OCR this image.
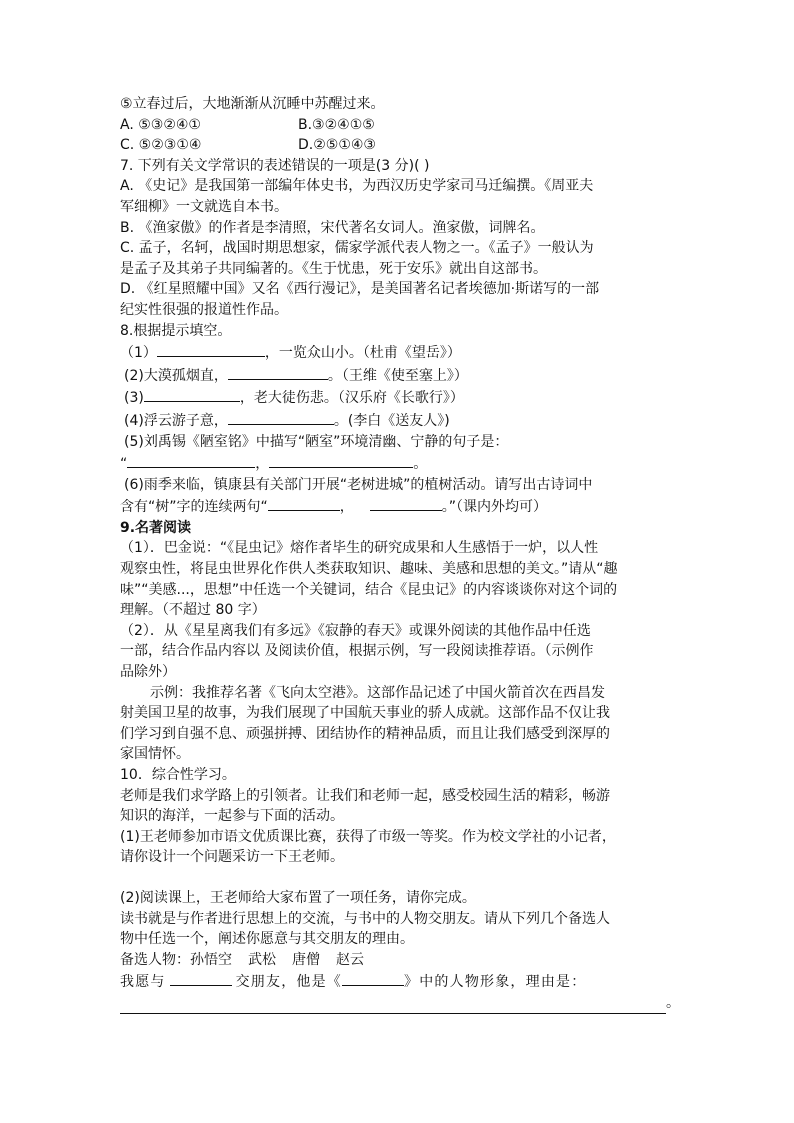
⑤立春过后，大地渐渐从沉睡中苏醒过来。
A. ⑤③②④①	B.③②④①⑤
C. ⑤②③①④	D.②⑤①④③
7. 下列有关文学常识的表述错误的一项是(3 分)( )
A. 《史记》是我国第一部编年体史书，为西汉历史学家司马迁编撰。《周亚夫
军细柳》一文就选自本书。
B. 《渔家傲》的作者是李清照，宋代著名女词人。渔家傲，词牌名。
C. 孟子，名轲，战国时期思想家，儒家学派代表人物之一。《孟子》一般认为
是孟子及其弟子共同编著的。《生于忧患，死于安乐》就出自这部书。
D. 《红星照耀中国》又名《西行漫记》，是美国著名记者埃德加·斯诺写的一部
纪实性很强的报道性作品。
8.根据提示填空。
（1）	，一览众山小。（杜甫《望岳》）
(2)大漠孤烟直，	。（王维《使至塞上》）
(3)	，老大徒伤悲。（汉乐府《长歌行》）
(4)浮云游子意，	。(李白《送友人》)
(5)刘禹锡《陋室铭》中描写“陋室”环境清幽、宁静的句子是：
“	，	。
(6)雨季来临，镇康县有关部门开展“老树进城”的植树活动。请写出古诗词中
含有“树”字的连续两句“	，	。”（课内外均可）
9.名著阅读
（1）．巴金说：“《昆虫记》熔作者毕生的研究成果和人生感悟于一炉，以人性
观察虫性，将昆虫世界化作供人类获取知识、趣味、美感和思想的美文。”请从“趣
味”“美感...，思想”中任选一个关键词，结合《昆虫记》的内容谈谈你对这个词的
理解。（不超过 80 字）
（2）．从《星星离我们有多远》《寂静的春天》或课外阅读的其他作品中任选
一部，结合作品内容以 及阅读价值，根据示例，写一段阅读推荐语。（示例作
品除外）
示例：我推荐名著《飞向太空港》。这部作品记述了中国火箭首次在西昌发
射美国卫星的故事，为我们展现了中国航天事业的骄人成就。这部作品不仅让我
们学习到自强不息、顽强拼搏、团结协作的精神品质，而且让我们感受到深厚的
家国情怀。
10．综合性学习。
老师是我们求学路上的引领者。让我们和老师一起，感受校园生活的精彩，畅游
知识的海洋，一起参与下面的活动。
(1)王老师参加市语文优质课比赛，获得了市级一等奖。作为校文学社的小记者，
请你设计一个问题采访一下王老师。
(2)阅读课上，王老师给大家布置了一项任务，请你完成。
读书就是与作者进行思想上的交流，与书中的人物交朋友。请从下列几个备选人
物中任选一个，阐述你愿意与其交朋友的理由。
备选人物：孙悟空 武松 唐僧 赵云
我愿与	交朋友，他是《	》中的人物形象，理由是：
。
